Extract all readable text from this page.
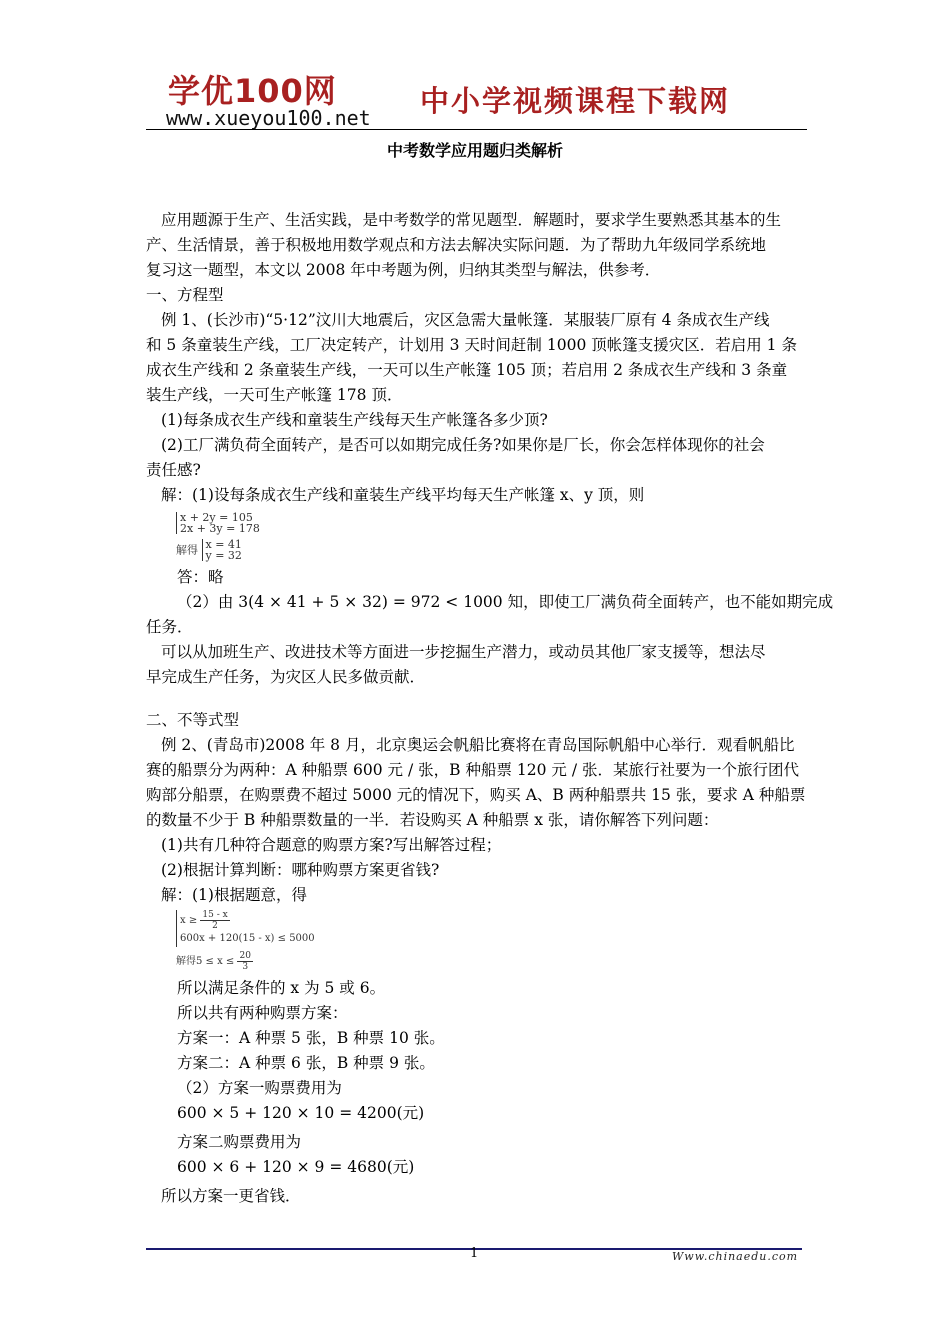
学优100网
www.xueyou100.net 中小学视频课程下载网
中考数学应用题归类解析
应用题源于生产、生活实践，是中考数学的常见题型．解题时，要求学生要熟悉其基本的生
产、生活情景，善于积极地用数学观点和方法去解决实际问题．为了帮助九年级同学系统地
复习这一题型，本文以 2008 年中考题为例，归纳其类型与解法，供参考．
一、方程型
例 1、(长沙市)“5·12”汶川大地震后，灾区急需大量帐篷．某服装厂原有 4 条成衣生产线
和 5 条童装生产线，工厂决定转产，计划用 3 天时间赶制 1000 顶帐篷支援灾区．若启用 1 条
成衣生产线和 2 条童装生产线，一天可以生产帐篷 105 顶；若启用 2 条成衣生产线和 3 条童
装生产线，一天可生产帐篷 178 顶．
(1)每条成衣生产线和童装生产线每天生产帐篷各多少顶?
(2)工厂满负荷全面转产，是否可以如期完成任务?如果你是厂长，你会怎样体现你的社会
责任感?
解：(1)设每条成衣生产线和童装生产线平均每天生产帐篷 x、y 顶，则
x + 2y = 105
2x + 3y = 178
解得 x = 41
y = 32
答：略
（2）由 3(4 × 41 + 5 × 32) = 972 < 1000 知，即使工厂满负荷全面转产，也不能如期完成
任务．
可以从加班生产、改进技术等方面进一步挖掘生产潜力，或动员其他厂家支援等，想法尽
早完成生产任务，为灾区人民多做贡献．
二、不等式型
例 2、(青岛市)2008 年 8 月，北京奥运会帆船比赛将在青岛国际帆船中心举行．观看帆船比
赛的船票分为两种：A 种船票 600 元 / 张，B 种船票 120 元 / 张．某旅行社要为一个旅行团代
购部分船票，在购票费不超过 5000 元的情况下，购买 A、B 两种船票共 15 张，要求 A 种船票
的数量不少于 B 种船票数量的一半．若设购买 A 种船票 x 张，请你解答下列问题：
(1)共有几种符合题意的购票方案?写出解答过程；
(2)根据计算判断：哪种购票方案更省钱?
解：(1)根据题意，得
$x \ge \frac{15 - x}{2}$
600x + 120(15 - x) ≤ 5000
解得$5 \le x \le \frac{20}{3}$
所以满足条件的 x 为 5 或 6。
所以共有两种购票方案：
方案一：A 种票 5 张，B 种票 10 张。
方案二：A 种票 6 张，B 种票 9 张。
（2）方案一购票费用为
600 × 5 + 120 × 10 = 4200(元)
方案二购票费用为
600 × 6 + 120 × 9 = 4680(元)
所以方案一更省钱．
1	Www.chinaedu.com
